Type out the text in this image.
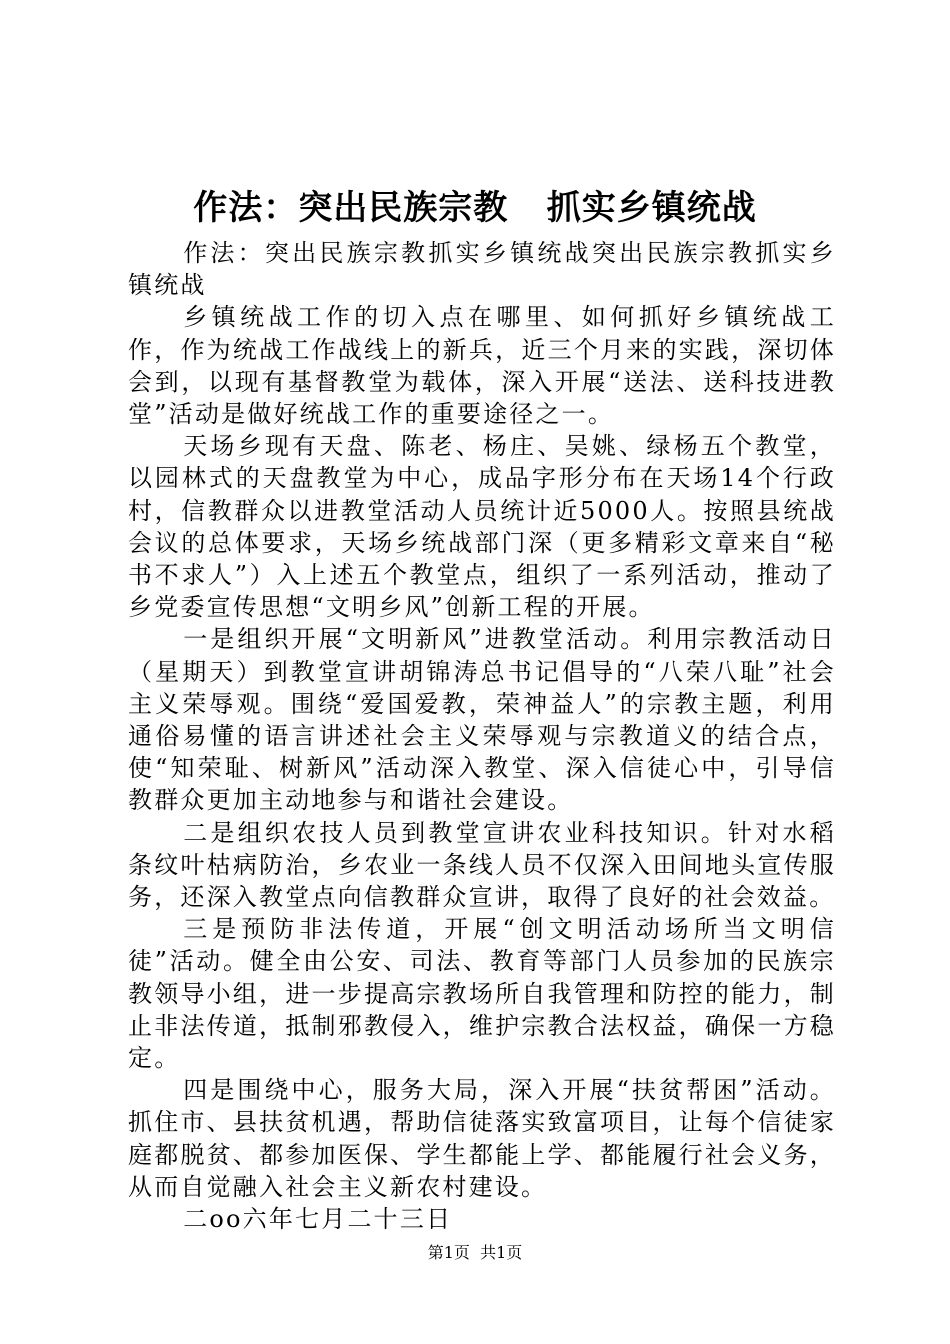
作法：突出民族宗教   抓实乡镇统战

作法：突出民族宗教抓实乡镇统战突出民族宗教抓实乡镇统战

乡镇统战工作的切入点在哪里、如何抓好乡镇统战工作，作为统战工作战线上的新兵，近三个月来的实践，深切体会到，以现有基督教堂为载体，深入开展“送法、送科技进教堂”活动是做好统战工作的重要途径之一。

天场乡现有天盘、陈老、杨庄、吴姚、绿杨五个教堂，以园林式的天盘教堂为中心，成品字形分布在天场14个行政村，信教群众以进教堂活动人员统计近5000人。按照县统战会议的总体要求，天场乡统战部门深（更多精彩文章来自“秘书不求人”）入上述五个教堂点，组织了一系列活动，推动了乡党委宣传思想“文明乡风”创新工程的开展。

一是组织开展“文明新风”进教堂活动。利用宗教活动日（星期天）到教堂宣讲胡锦涛总书记倡导的“八荣八耻”社会主义荣辱观。围绕“爱国爱教，荣神益人”的宗教主题，利用通俗易懂的语言讲述社会主义荣辱观与宗教道义的结合点，使“知荣耻、树新风”活动深入教堂、深入信徒心中，引导信教群众更加主动地参与和谐社会建设。

二是组织农技人员到教堂宣讲农业科技知识。针对水稻条纹叶枯病防治，乡农业一条线人员不仅深入田间地头宣传服务，还深入教堂点向信教群众宣讲，取得了良好的社会效益。

三是预防非法传道，开展“创文明活动场所当文明信徒”活动。健全由公安、司法、教育等部门人员参加的民族宗教领导小组，进一步提高宗教场所自我管理和防控的能力，制止非法传道，抵制邪教侵入，维护宗教合法权益，确保一方稳定。

四是围绕中心，服务大局，深入开展“扶贫帮困”活动。抓住市、县扶贫机遇，帮助信徒落实致富项目，让每个信徒家庭都脱贫、都参加医保、学生都能上学、都能履行社会义务，从而自觉融入社会主义新农村建设。

二oo六年七月二十三日

第1页  共1页
